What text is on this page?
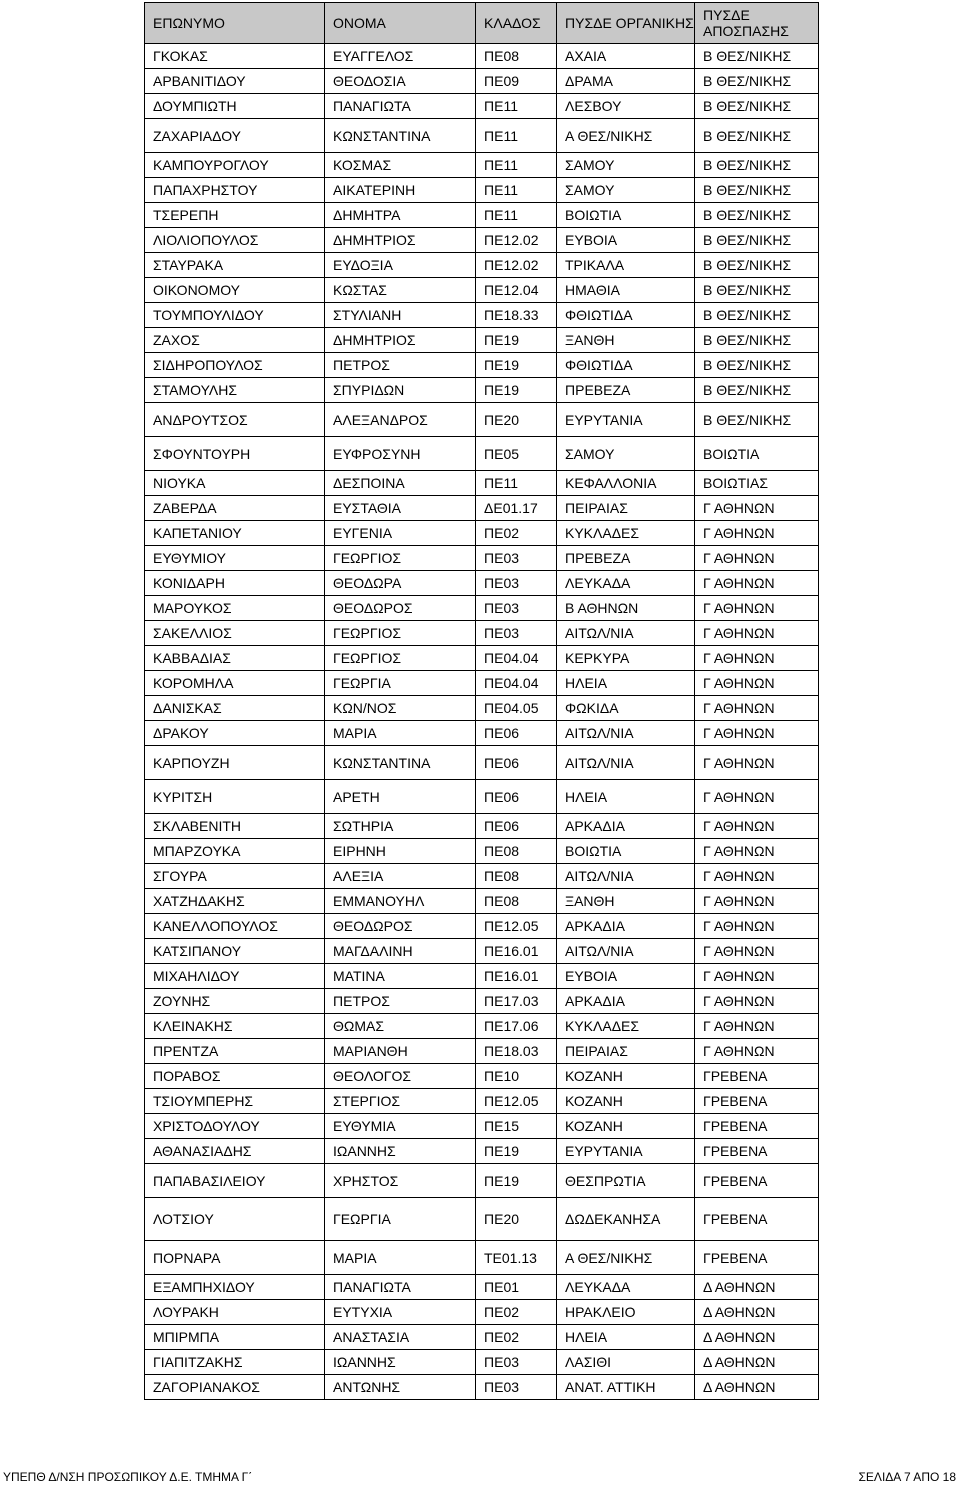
ΕΠΩΝΥΜΟ	ΟΝΟΜΑ	ΚΛΑΔΟΣ	ΠΥΣΔΕ ΟΡΓΑΝΙΚΗΣ	ΠΥΣΔΕ ΑΠΟΣΠΑΣΗΣ
ΓΚΟΚΑΣ	ΕΥΑΓΓΕΛΟΣ	ΠΕ08	ΑΧΑΙΑ	Β ΘΕΣ/ΝΙΚΗΣ
ΑΡΒΑΝΙΤΙΔΟΥ	ΘΕΟΔΟΣΙΑ	ΠΕ09	ΔΡΑΜΑ	Β ΘΕΣ/ΝΙΚΗΣ
ΔΟΥΜΠΙΩΤΗ	ΠΑΝΑΓΙΩΤΑ	ΠΕ11	ΛΕΣΒΟΥ	Β ΘΕΣ/ΝΙΚΗΣ
ΖΑΧΑΡΙΑΔΟΥ	ΚΩΝΣΤΑΝΤΙΝΑ	ΠΕ11	Α ΘΕΣ/ΝΙΚΗΣ	Β ΘΕΣ/ΝΙΚΗΣ
ΚΑΜΠΟΥΡΟΓΛΟΥ	ΚΟΣΜΑΣ	ΠΕ11	ΣΑΜΟΥ	Β ΘΕΣ/ΝΙΚΗΣ
ΠΑΠΑΧΡΗΣΤΟΥ	ΑΙΚΑΤΕΡΙΝΗ	ΠΕ11	ΣΑΜΟΥ	Β ΘΕΣ/ΝΙΚΗΣ
ΤΣΕΡΕΠΗ	ΔΗΜΗΤΡΑ	ΠΕ11	ΒΟΙΩΤΙΑ	Β ΘΕΣ/ΝΙΚΗΣ
ΛΙΟΛΙΟΠΟΥΛΟΣ	ΔΗΜΗΤΡΙΟΣ	ΠΕ12.02	ΕΥΒΟΙΑ	Β ΘΕΣ/ΝΙΚΗΣ
ΣΤΑΥΡΑΚΑ	ΕΥΔΟΞΙΑ	ΠΕ12.02	ΤΡΙΚΑΛΑ	Β ΘΕΣ/ΝΙΚΗΣ
ΟΙΚΟΝΟΜΟΥ	ΚΩΣΤΑΣ	ΠΕ12.04	ΗΜΑΘΙΑ	Β ΘΕΣ/ΝΙΚΗΣ
ΤΟΥΜΠΟΥΛΙΔΟΥ	ΣΤΥΛΙΑΝΗ	ΠΕ18.33	ΦΘΙΩΤΙΔΑ	Β ΘΕΣ/ΝΙΚΗΣ
ΖΑΧΟΣ	ΔΗΜΗΤΡΙΟΣ	ΠΕ19	ΞΑΝΘΗ	Β ΘΕΣ/ΝΙΚΗΣ
ΣΙΔΗΡΟΠΟΥΛΟΣ	ΠΕΤΡΟΣ	ΠΕ19	ΦΘΙΩΤΙΔΑ	Β ΘΕΣ/ΝΙΚΗΣ
ΣΤΑΜΟΥΛΗΣ	ΣΠΥΡΙΔΩΝ	ΠΕ19	ΠΡΕΒΕΖΑ	Β ΘΕΣ/ΝΙΚΗΣ
ΑΝΔΡΟΥΤΣΟΣ	ΑΛΕΞΑΝΔΡΟΣ	ΠΕ20	ΕΥΡΥΤΑΝΙΑ	Β ΘΕΣ/ΝΙΚΗΣ
ΣΦΟΥΝΤΟΥΡΗ	ΕΥΦΡΟΣΥΝΗ	ΠΕ05	ΣΑΜΟΥ	ΒΟΙΩΤΙΑ
ΝΙΟΥΚΑ	ΔΕΣΠΟΙΝΑ	ΠΕ11	ΚΕΦΑΛΛΟΝΙΑ	ΒΟΙΩΤΙΑΣ
ΖΑΒΕΡΔΑ	ΕΥΣΤΑΘΙΑ	ΔΕ01.17	ΠΕΙΡΑΙΑΣ	Γ ΑΘΗΝΩΝ
ΚΑΠΕΤΑΝΙΟΥ	ΕΥΓΕΝΙΑ	ΠΕ02	ΚΥΚΛΑΔΕΣ	Γ ΑΘΗΝΩΝ
ΕΥΘΥΜΙΟΥ	ΓΕΩΡΓΙΟΣ	ΠΕ03	ΠΡΕΒΕΖΑ	Γ ΑΘΗΝΩΝ
ΚΟΝΙΔΑΡΗ	ΘΕΟΔΩΡΑ	ΠΕ03	ΛΕΥΚΑΔΑ	Γ ΑΘΗΝΩΝ
ΜΑΡΟΥΚΟΣ	ΘΕΟΔΩΡΟΣ	ΠΕ03	Β ΑΘΗΝΩΝ	Γ ΑΘΗΝΩΝ
ΣΑΚΕΛΛΙΟΣ	ΓΕΩΡΓΙΟΣ	ΠΕ03	ΑΙΤΩΛ/ΝΙΑ	Γ ΑΘΗΝΩΝ
ΚΑΒΒΑΔΙΑΣ	ΓΕΩΡΓΙΟΣ	ΠΕ04.04	ΚΕΡΚΥΡΑ	Γ ΑΘΗΝΩΝ
ΚΟΡΟΜΗΛΑ	ΓΕΩΡΓΙΑ	ΠΕ04.04	ΗΛΕΙΑ	Γ ΑΘΗΝΩΝ
ΔΑΝΙΣΚΑΣ	ΚΩΝ/ΝΟΣ	ΠΕ04.05	ΦΩΚΙΔΑ	Γ ΑΘΗΝΩΝ
ΔΡΑΚΟΥ	ΜΑΡΙΑ	ΠΕ06	ΑΙΤΩΛ/ΝΙΑ	Γ ΑΘΗΝΩΝ
ΚΑΡΠΟΥΖΗ	ΚΩΝΣΤΑΝΤΙΝΑ	ΠΕ06	ΑΙΤΩΛ/ΝΙΑ	Γ ΑΘΗΝΩΝ
ΚΥΡΙΤΣΗ	ΑΡΕΤΗ	ΠΕ06	ΗΛΕΙΑ	Γ ΑΘΗΝΩΝ
ΣΚΛΑΒΕΝΙΤΗ	ΣΩΤΗΡΙΑ	ΠΕ06	ΑΡΚΑΔΙΑ	Γ ΑΘΗΝΩΝ
ΜΠΑΡΖΟΥΚΑ	ΕΙΡΗΝΗ	ΠΕ08	ΒΟΙΩΤΙΑ	Γ ΑΘΗΝΩΝ
ΣΓΟΥΡΑ	ΑΛΕΞΙΑ	ΠΕ08	ΑΙΤΩΛ/ΝΙΑ	Γ ΑΘΗΝΩΝ
ΧΑΤΖΗΔΑΚΗΣ	ΕΜΜΑΝΟΥΗΛ	ΠΕ08	ΞΑΝΘΗ	Γ ΑΘΗΝΩΝ
ΚΑΝΕΛΛΟΠΟΥΛΟΣ	ΘΕΟΔΩΡΟΣ	ΠΕ12.05	ΑΡΚΑΔΙΑ	Γ ΑΘΗΝΩΝ
ΚΑΤΣΙΠΑΝΟΥ	ΜΑΓΔΑΛΙΝΗ	ΠΕ16.01	ΑΙΤΩΛ/ΝΙΑ	Γ ΑΘΗΝΩΝ
ΜΙΧΑΗΛΙΔΟΥ	ΜΑΤΙΝΑ	ΠΕ16.01	ΕΥΒΟΙΑ	Γ ΑΘΗΝΩΝ
ΖΟΥΝΗΣ	ΠΕΤΡΟΣ	ΠΕ17.03	ΑΡΚΑΔΙΑ	Γ ΑΘΗΝΩΝ
ΚΛΕΙΝΑΚΗΣ	ΘΩΜΑΣ	ΠΕ17.06	ΚΥΚΛΑΔΕΣ	Γ ΑΘΗΝΩΝ
ΠΡΕΝΤΖΑ	ΜΑΡΙΑΝΘΗ	ΠΕ18.03	ΠΕΙΡΑΙΑΣ	Γ ΑΘΗΝΩΝ
ΠΟΡΑΒΟΣ	ΘΕΟΛΟΓΟΣ	ΠΕ10	ΚΟΖΑΝΗ	ΓΡΕΒΕΝΑ
ΤΣΙΟΥΜΠΕΡΗΣ	ΣΤΕΡΓΙΟΣ	ΠΕ12.05	ΚΟΖΑΝΗ	ΓΡΕΒΕΝΑ
ΧΡΙΣΤΟΔΟΥΛΟΥ	ΕΥΘΥΜΙΑ	ΠΕ15	ΚΟΖΑΝΗ	ΓΡΕΒΕΝΑ
ΑΘΑΝΑΣΙΑΔΗΣ	ΙΩΑΝΝΗΣ	ΠΕ19	ΕΥΡΥΤΑΝΙΑ	ΓΡΕΒΕΝΑ
ΠΑΠΑΒΑΣΙΛΕΙΟΥ	ΧΡΗΣΤΟΣ	ΠΕ19	ΘΕΣΠΡΩΤΙΑ	ΓΡΕΒΕΝΑ
ΛΟΤΣΙΟΥ	ΓΕΩΡΓΙΑ	ΠΕ20	ΔΩΔΕΚΑΝΗΣΑ	ΓΡΕΒΕΝΑ
ΠΟΡΝΑΡΑ	ΜΑΡΙΑ	ΤΕ01.13	Α ΘΕΣ/ΝΙΚΗΣ	ΓΡΕΒΕΝΑ
ΕΞΑΜΠΗΧΙΔΟΥ	ΠΑΝΑΓΙΩΤΑ	ΠΕ01	ΛΕΥΚΑΔΑ	Δ ΑΘΗΝΩΝ
ΛΟΥΡΑΚΗ	ΕΥΤΥΧΙΑ	ΠΕ02	ΗΡΑΚΛΕΙΟ	Δ ΑΘΗΝΩΝ
ΜΠΙΡΜΠΑ	ΑΝΑΣΤΑΣΙΑ	ΠΕ02	ΗΛΕΙΑ	Δ ΑΘΗΝΩΝ
ΓΙΑΠΙΤΖΑΚΗΣ	ΙΩΑΝΝΗΣ	ΠΕ03	ΛΑΣΙΘΙ	Δ ΑΘΗΝΩΝ
ΖΑΓΟΡΙΑΝΑΚΟΣ	ΑΝΤΩΝΗΣ	ΠΕ03	ΑΝΑΤ. ΑΤΤΙΚΗ	Δ ΑΘΗΝΩΝ
ΥΠΕΠΘ Δ/ΝΣΗ ΠΡΟΣΩΠΙΚΟΥ Δ.Ε. ΤΜΗΜΑ Γ΄	ΣΕΛΙΔΑ 7 ΑΠΟ 18
